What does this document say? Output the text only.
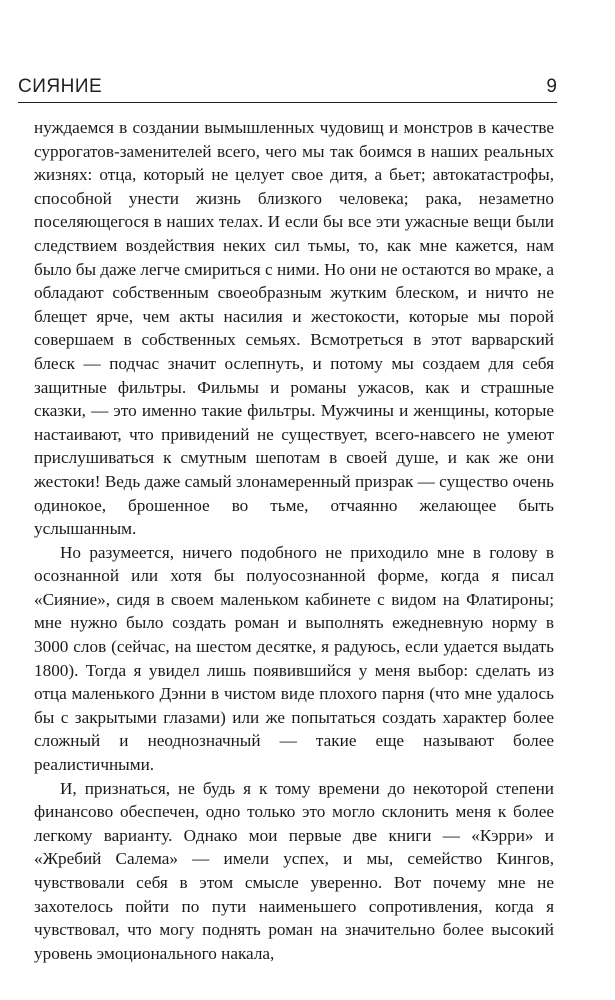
СИЯНИЕ	9

нуждаемся в создании вымышленных чудовищ и монстров в качестве суррогатов-заменителей всего, чего мы так боимся в наших реальных жизнях: отца, который не целует свое дитя, а бьет; автокатастрофы, способной унести жизнь близкого человека; рака, незаметно поселяющегося в наших телах. И если бы все эти ужасные вещи были следствием воздействия неких сил тьмы, то, как мне кажется, нам было бы даже легче смириться с ними. Но они не остаются во мраке, а обладают собственным своеобразным жутким блеском, и ничто не блещет ярче, чем акты насилия и жестокости, которые мы порой совершаем в собственных семьях. Всмотреться в этот варварский блеск — подчас значит ослепнуть, и потому мы создаем для себя защитные фильтры. Фильмы и романы ужасов, как и страшные сказки, — это именно такие фильтры. Мужчины и женщины, которые настаивают, что привидений не существует, всего-навсего не умеют прислушиваться к смутным шепотам в своей душе, и как же они жестоки! Ведь даже самый злонамеренный призрак — существо очень одинокое, брошенное во тьме, отчаянно желающее быть услышанным.

Но разумеется, ничего подобного не приходило мне в голову в осознанной или хотя бы полуосознанной форме, когда я писал «Сияние», сидя в своем маленьком кабинете с видом на Флатироны; мне нужно было создать роман и выполнять ежедневную норму в 3000 слов (сейчас, на шестом десятке, я радуюсь, если удается выдать 1800). Тогда я увидел лишь появившийся у меня выбор: сделать из отца маленького Дэнни в чистом виде плохого парня (что мне удалось бы с закрытыми глазами) или же попытаться создать характер более сложный и неоднозначный — такие еще называют более реалистичными.

И, признаться, не будь я к тому времени до некоторой степени финансово обеспечен, одно только это могло склонить меня к более легкому варианту. Однако мои первые две книги — «Кэрри» и «Жребий Салема» — имели успех, и мы, семейство Кингов, чувствовали себя в этом смысле уверенно. Вот почему мне не захотелось пойти по пути наименьшего сопротивления, когда я чувствовал, что могу поднять роман на значительно более высокий уровень эмоционального накала,
